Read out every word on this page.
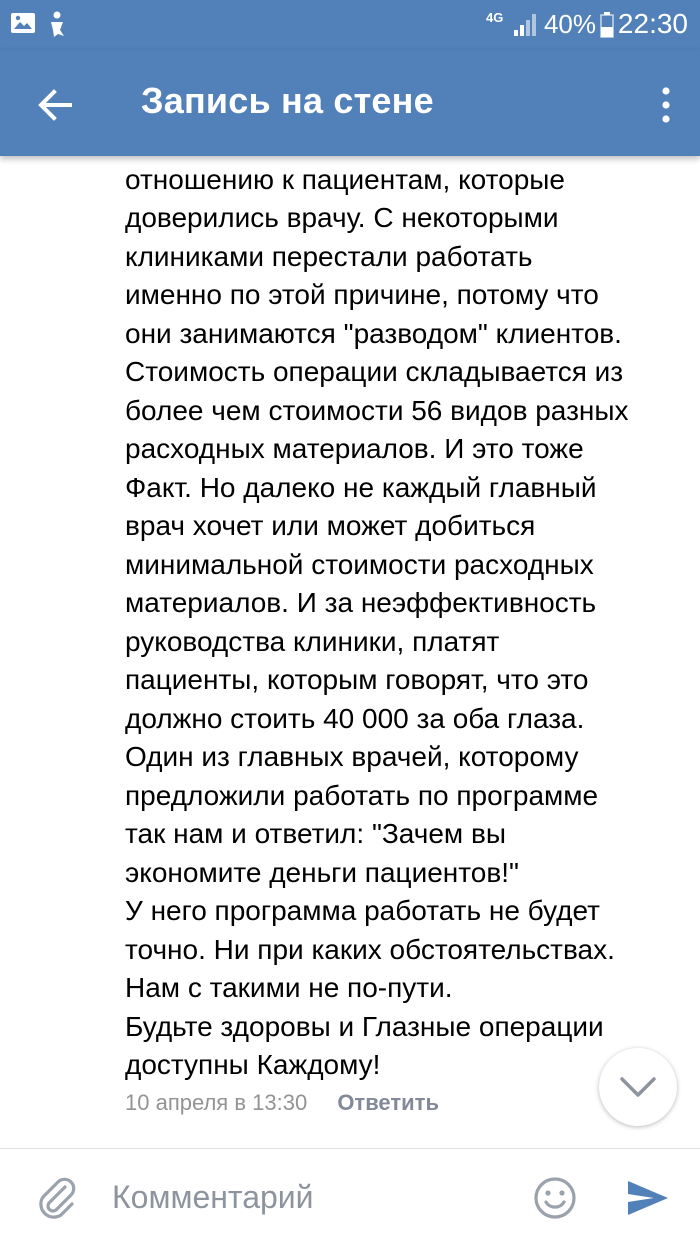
4G 40% 22:30
Запись на стене

отношению к пациентам, которые
доверились врачу. С некоторыми
клиниками перестали работать
именно по этой причине, потому что
они занимаются "разводом" клиентов.
Стоимость операции складывается из
более чем стоимости 56 видов разных
расходных материалов. И это тоже
Факт. Но далеко не каждый главный
врач хочет или может добиться
минимальной стоимости расходных
материалов. И за неэффективность
руководства клиники, платят
пациенты, которым говорят, что это
должно стоить 40 000 за оба глаза.
Один из главных врачей, которому
предложили работать по программе
так нам и ответил: "Зачем вы
экономите деньги пациентов!"
У него программа работать не будет
точно. Ни при каких обстоятельствах.
Нам с такими не по-пути.
Будьте здоровы и Глазные операции
доступны Каждому!
10 апреля в 13:30 Ответить
Комментарий
